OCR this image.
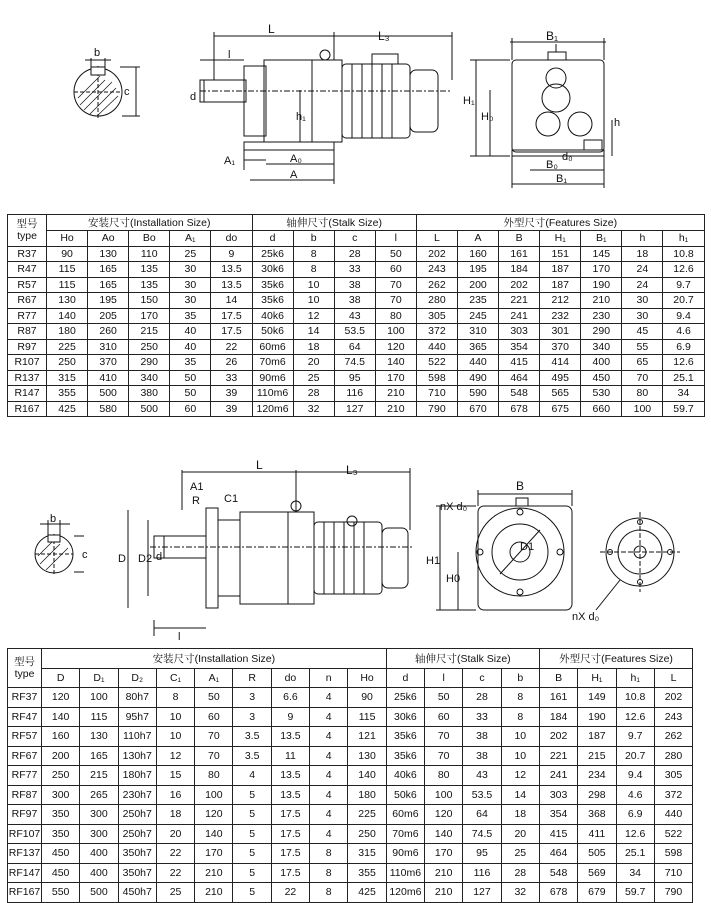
b
c
L	L₃
l
d
h₁
A₁	A₀
A
B₁
H₁
H₀	h
d₀
B₀
B₁
型号
type	安装尺寸(Installation Size)					轴伸尺寸(Stalk Size)				外型尺寸(Features Size)						
	Ho	Ao	Bo	A₁	do	d	b	c	l	L	A	B	H₁	B₁	h	h₁
R37	90	130	110	25	9	25k6	8	28	50	202	160	161	151	145	18	10.8
R47	115	165	135	30	13.5	30k6	8	33	60	243	195	184	187	170	24	12.6
R57	115	165	135	30	13.5	35k6	10	38	70	262	200	202	187	190	24	9.7
R67	130	195	150	30	14	35k6	10	38	70	280	235	221	212	210	30	20.7
R77	140	205	170	35	17.5	40k6	12	43	80	305	245	241	232	230	30	9.4
R87	180	260	215	40	17.5	50k6	14	53.5	100	372	310	303	301	290	45	4.6
R97	225	310	250	40	22	60m6	18	64	120	440	365	354	370	340	55	6.9
R107	250	370	290	35	26	70m6	20	74.5	140	522	440	415	414	400	65	12.6
R137	315	410	340	50	33	90m6	25	95	170	598	490	464	495	450	70	25.1
R147	355	500	380	50	39	110m6	28	116	210	710	590	548	565	530	80	34
R167	425	580	500	60	39	120m6	32	127	210	790	670	678	675	660	100	59.7
b
c
L	L₃
A1
R C1
D D2 d
l
B
nX d₀
D1
H1
H0
nX d₀
型号
type	安装尺寸(Installation Size)									轴伸尺寸(Stalk Size)				外型尺寸(Features Size)			
	D	D₁	D₂	C₁	A₁	R	do	n	Ho	d	l	c	b	B	H₁	h₁	L
RF37	120	100	80h7	8	50	3	6.6	4	90	25k6	50	28	8	161	149	10.8	202
RF47	140	115	95h7	10	60	3	9	4	115	30k6	60	33	8	184	190	12.6	243
RF57	160	130	110h7	10	70	3.5	13.5	4	121	35k6	70	38	10	202	187	9.7	262
RF67	200	165	130h7	12	70	3.5	11	4	130	35k6	70	38	10	221	215	20.7	280
RF77	250	215	180h7	15	80	4	13.5	4	140	40k6	80	43	12	241	234	9.4	305
RF87	300	265	230h7	16	100	5	13.5	4	180	50k6	100	53.5	14	303	298	4.6	372
RF97	350	300	250h7	18	120	5	17.5	4	225	60m6	120	64	18	354	368	6.9	440
RF107	350	300	250h7	20	140	5	17.5	4	250	70m6	140	74.5	20	415	411	12.6	522
RF137	450	400	350h7	22	170	5	17.5	8	315	90m6	170	95	25	464	505	25.1	598
RF147	450	400	350h7	22	210	5	17.5	8	355	110m6	210	116	28	548	569	34	710
RF167	550	500	450h7	25	210	5	22	8	425	120m6	210	127	32	678	679	59.7	790
